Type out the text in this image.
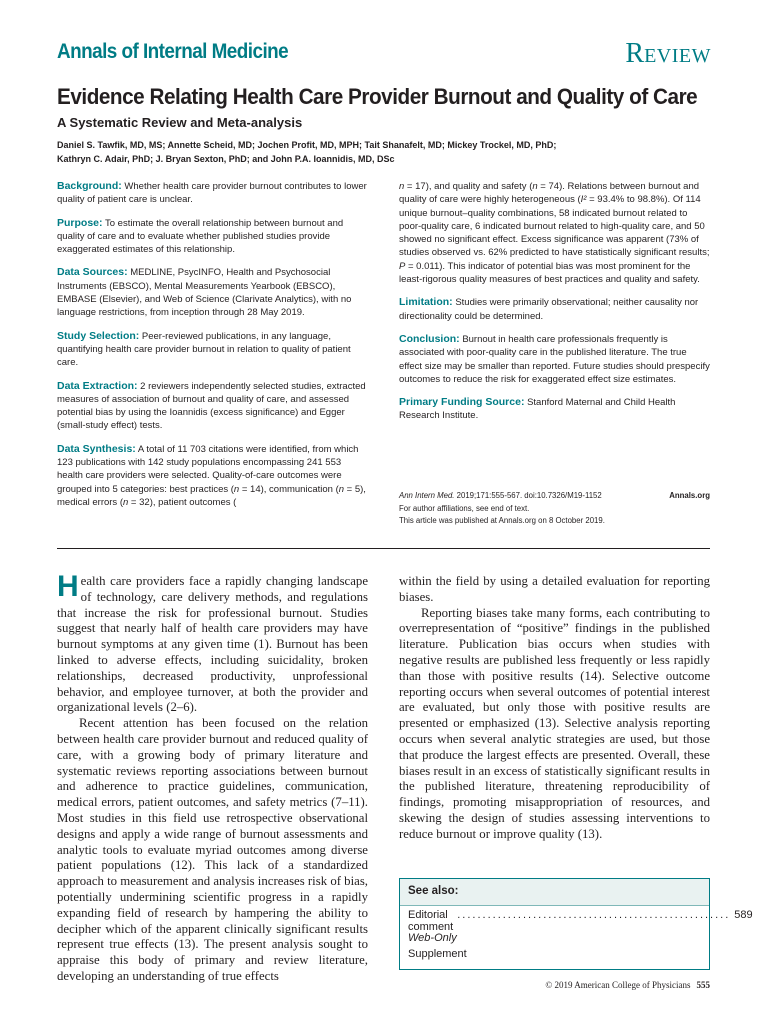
Annals of Internal Medicine	REVIEW
Evidence Relating Health Care Provider Burnout and Quality of Care
A Systematic Review and Meta-analysis
Daniel S. Tawfik, MD, MS; Annette Scheid, MD; Jochen Profit, MD, MPH; Tait Shanafelt, MD; Mickey Trockel, MD, PhD;
Kathryn C. Adair, PhD; J. Bryan Sexton, PhD; and John P.A. Ioannidis, MD, DSc

Background: Whether health care provider burnout contributes to lower quality of patient care is unclear.

Purpose: To estimate the overall relationship between burnout and quality of care and to evaluate whether published studies provide exaggerated estimates of this relationship.

Data Sources: MEDLINE, PsycINFO, Health and Psychosocial Instruments (EBSCO), Mental Measurements Yearbook (EBSCO), EMBASE (Elsevier), and Web of Science (Clarivate Analytics), with no language restrictions, from inception through 28 May 2019.

Study Selection: Peer-reviewed publications, in any language, quantifying health care provider burnout in relation to quality of patient care.

Data Extraction: 2 reviewers independently selected studies, extracted measures of association of burnout and quality of care, and assessed potential bias by using the Ioannidis (excess significance) and Egger (small-study effect) tests.

Data Synthesis: A total of 11 703 citations were identified, from which 123 publications with 142 study populations encompassing 241 553 health care providers were selected. Quality-of-care outcomes were grouped into 5 categories: best practices (n = 14), communication (n = 5), medical errors (n = 32), patient outcomes (

n = 17), and quality and safety (n = 74). Relations between burnout and quality of care were highly heterogeneous (I² = 93.4% to 98.8%). Of 114 unique burnout–quality combinations, 58 indicated burnout related to poor-quality care, 6 indicated burnout related to high-quality care, and 50 showed no significant effect. Excess significance was apparent (73% of studies observed vs. 62% predicted to have statistically significant results; P = 0.011). This indicator of potential bias was most prominent for the least-rigorous quality measures of best practices and quality and safety.

Limitation: Studies were primarily observational; neither causality nor directionality could be determined.

Conclusion: Burnout in health care professionals frequently is associated with poor-quality care in the published literature. The true effect size may be smaller than reported. Future studies should prespecify outcomes to reduce the risk for exaggerated effect size estimates.

Primary Funding Source: Stanford Maternal and Child Health Research Institute.

Ann Intern Med. 2019;171:555-567. doi:10.7326/M19-1152	Annals.org
For author affiliations, see end of text.
This article was published at Annals.org on 8 October 2019.

Health care providers face a rapidly changing landscape of technology, care delivery methods, and regulations that increase the risk for professional burnout. Studies suggest that nearly half of health care providers may have burnout symptoms at any given time (1). Burnout has been linked to adverse effects, including suicidality, broken relationships, decreased productivity, unprofessional behavior, and employee turnover, at both the provider and organizational levels (2–6).

Recent attention has been focused on the relation between health care provider burnout and reduced quality of care, with a growing body of primary literature and systematic reviews reporting associations between burnout and adherence to practice guidelines, communication, medical errors, patient outcomes, and safety metrics (7–11). Most studies in this field use retrospective observational designs and apply a wide range of burnout assessments and analytic tools to evaluate myriad outcomes among diverse patient populations (12). This lack of a standardized approach to measurement and analysis increases risk of bias, potentially undermining scientific progress in a rapidly expanding field of research by hampering the ability to decipher which of the apparent clinically significant results represent true effects (13). The present analysis sought to appraise this body of primary and review literature, developing an understanding of true effects

within the field by using a detailed evaluation for reporting biases.

Reporting biases take many forms, each contributing to overrepresentation of “positive” findings in the published literature. Publication bias occurs when studies with negative results are published less frequently or less rapidly than those with positive results (14). Selective outcome reporting occurs when several outcomes of potential interest are evaluated, but only those with positive results are presented or emphasized (13). Selective analysis reporting occurs when several analytic strategies are used, but those that produce the largest effects are presented. Overall, these biases result in an excess of statistically significant results in the published literature, threatening reproducibility of findings, promoting misappropriation of resources, and skewing the design of studies assessing interventions to reduce burnout or improve quality (13).

See also:
Editorial comment
...................................................... 589
Web-Only
Supplement
© 2019 American College of Physicians 555
